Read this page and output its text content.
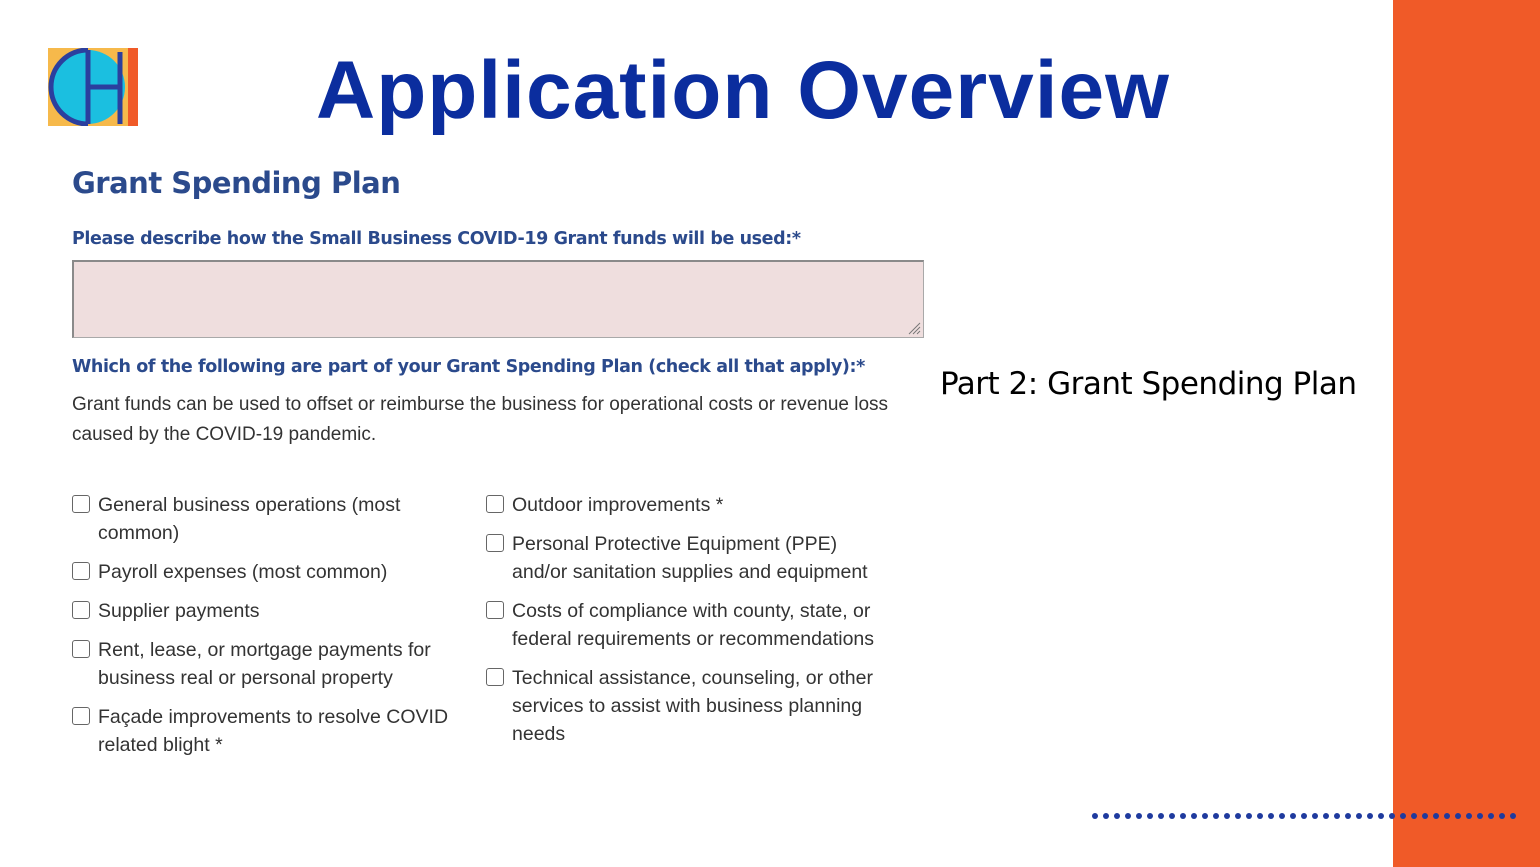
Application Overview
Grant Spending Plan
Please describe how the Small Business COVID-19 Grant funds will be used:*
Which of the following are part of your Grant Spending Plan (check all that apply):*
Grant funds can be used to offset or reimburse the business for operational costs or revenue loss caused by the COVID-19 pandemic.
General business operations (most common)
Payroll expenses (most common)
Supplier payments
Rent, lease, or mortgage payments for business real or personal property
Façade improvements to resolve COVID related blight *
Outdoor improvements *
Personal Protective Equipment (PPE) and/or sanitation supplies and equipment
Costs of compliance with county, state, or federal requirements or recommendations
Technical assistance, counseling, or other services to assist with business planning needs
Part 2: Grant Spending Plan
